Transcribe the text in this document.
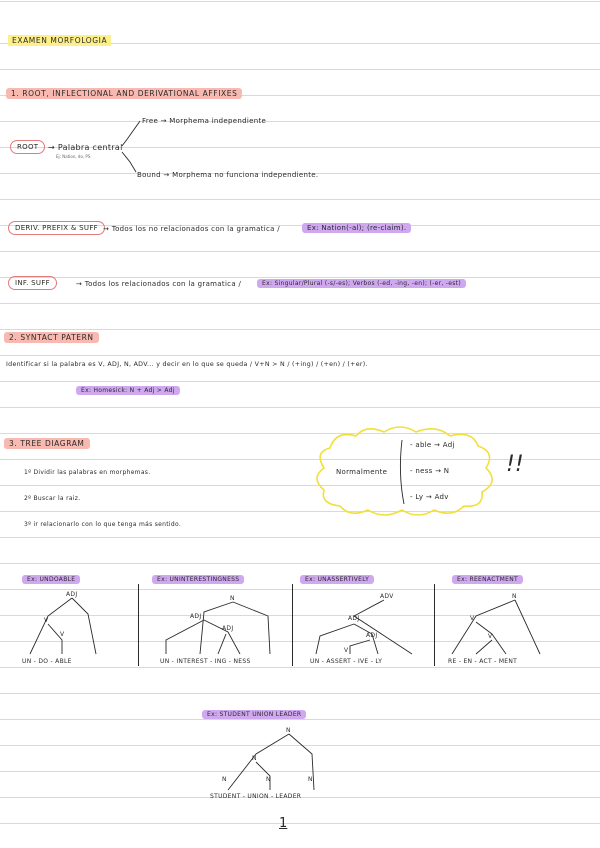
EXAMEN MORFOLOGIA
1. ROOT, INFLECTIONAL AND DERIVATIONAL AFFIXES
ROOT	→ Palabra central
Ej: Nation, do, PS
Free → Morphema independiente
Bound → Morphema no funciona independiente.
DERIV. PREFIX & SUFF → Todos los no relacionados con la gramatica /	Ex: Nation(-al); (re-claim).
INF. SUFF	→ Todos los relacionados con la gramatica /	Ex: Singular/Plural (-s/-es); Verbos (-ed, -ing, -en); (-er, -est)
2. SYNTACT PATERN
Identificar si la palabra es V, ADJ, N, ADV... y decir en lo que se queda / V+N > N / (+ing) / (+en) / (+er).
Ex: Homesick: N + Adj > Adj
3. TREE DIAGRAM
1º Dividir las palabras en morphemas.
2º Buscar la raiz.
3º ir relacionarlo con lo que tenga más sentido.
Normalmente
- able → Adj
- ness → N
- Ly → Adv
!!
Ex: UNDOABLE	Ex: UNINTERESTINGNESS	Ex: UNASSERTIVELY	Ex: REENACTMENT
Ex: STUDENT UNION LEADER
ADJ
V
V
UN - DO - ABLE
N
ADJ
ADJ
UN - INTEREST - ING - NESS
ADV
ADJ
ADJ
V
UN - ASSERT - IVE - LY
N
V
V
RE - EN - ACT - MENT
N
N
N	N	N
STUDENT - UNION - LEADER
1
